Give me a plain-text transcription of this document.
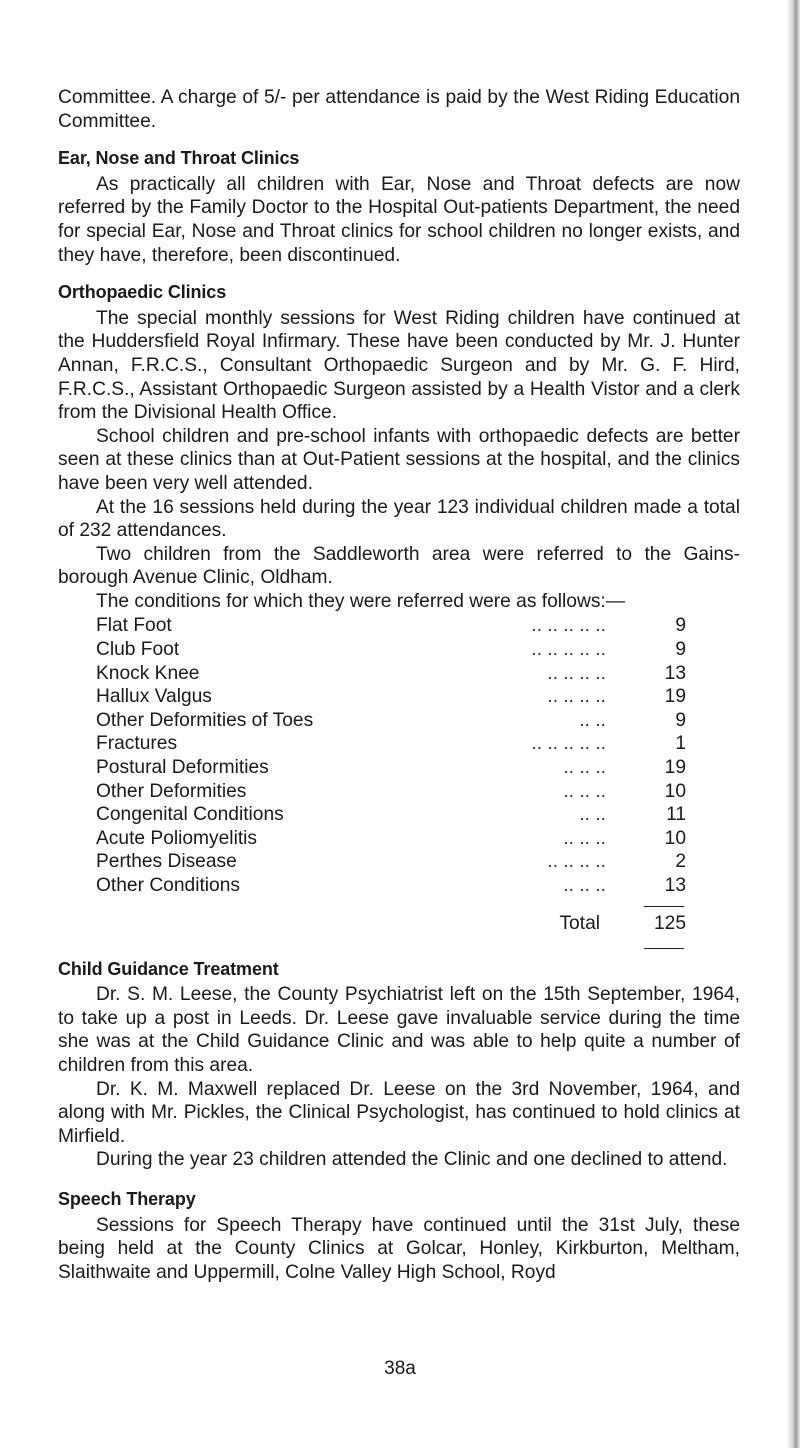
Committee. A charge of 5/- per attendance is paid by the West Riding Education Committee.

Ear, Nose and Throat Clinics

As practically all children with Ear, Nose and Throat defects are now referred by the Family Doctor to the Hospital Out-patients Department, the need for special Ear, Nose and Throat clinics for school children no longer exists, and they have, therefore, been discontinued.

Orthopaedic Clinics

The special monthly sessions for West Riding children have continued at the Huddersfield Royal Infirmary. These have been conducted by Mr. J. Hunter Annan, F.R.C.S., Consultant Orthopaedic Surgeon and by Mr. G. F. Hird, F.R.C.S., Assistant Orthopaedic Surgeon assisted by a Health Vistor and a clerk from the Divisional Health Office.

School children and pre-school infants with orthopaedic defects are better seen at these clinics than at Out-Patient sessions at the hospital, and the clinics have been very well attended.

At the 16 sessions held during the year 123 individual children made a total of 232 attendances.

Two children from the Saddleworth area were referred to the Gains-borough Avenue Clinic, Oldham.

The conditions for which they were referred were as follows:—

Flat Foot	.. .. .. .. ..	9
Club Foot	.. .. .. .. ..	9
Knock Knee	.. .. .. ..	13
Hallux Valgus	.. .. .. ..	19
Other Deformities of Toes	.. ..	9
Fractures	.. .. .. .. ..	1
Postural Deformities	.. .. ..	19
Other Deformities	.. .. ..	10
Congenital Conditions	.. ..	11
Acute Poliomyelitis	.. .. ..	10
Perthes Disease	.. .. .. ..	2
Other Conditions	.. .. ..	13
Total	125
Child Guidance Treatment

Dr. S. M. Leese, the County Psychiatrist left on the 15th September, 1964, to take up a post in Leeds. Dr. Leese gave invaluable service during the time she was at the Child Guidance Clinic and was able to help quite a number of children from this area.

Dr. K. M. Maxwell replaced Dr. Leese on the 3rd November, 1964, and along with Mr. Pickles, the Clinical Psychologist, has continued to hold clinics at Mirfield.

During the year 23 children attended the Clinic and one declined to attend.

Speech Therapy

Sessions for Speech Therapy have continued until the 31st July, these being held at the County Clinics at Golcar, Honley, Kirkburton, Meltham, Slaithwaite and Uppermill, Colne Valley High School, Royd

38a
